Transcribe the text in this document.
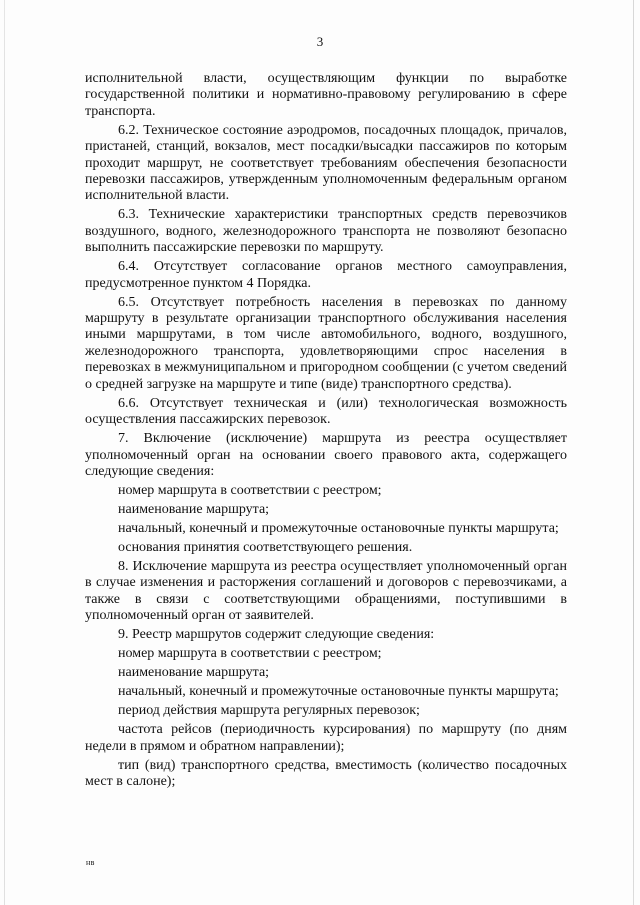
3

исполнительной власти, осуществляющим функции по выработке государственной политики и нормативно-правовому регулированию в сфере транспорта.

6.2. Техническое состояние аэродромов, посадочных площадок, причалов, пристаней, станций, вокзалов, мест посадки/высадки пассажиров по которым проходит маршрут, не соответствует требованиям обеспечения безопасности перевозки пассажиров, утвержденным уполномоченным федеральным органом исполнительной власти.

6.3. Технические характеристики транспортных средств перевозчиков воздушного, водного, железнодорожного транспорта не позволяют безопасно выполнить пассажирские перевозки по маршруту.

6.4. Отсутствует согласование органов местного самоуправления, предусмотренное пунктом 4 Порядка.

6.5. Отсутствует потребность населения в перевозках по данному маршруту в результате организации транспортного обслуживания населения иными маршрутами, в том числе автомобильного, водного, воздушного, железнодорожного транспорта, удовлетворяющими спрос населения в перевозках в межмуниципальном и пригородном сообщении (с учетом сведений о средней загрузке на маршруте и типе (виде) транспортного средства).

6.6. Отсутствует техническая и (или) технологическая возможность осуществления пассажирских перевозок.

7. Включение (исключение) маршрута из реестра осуществляет уполномоченный орган на основании своего правового акта, содержащего следующие сведения:

номер маршрута в соответствии с реестром;

наименование маршрута;

начальный, конечный и промежуточные остановочные пункты маршрута;

основания принятия соответствующего решения.

8. Исключение маршрута из реестра осуществляет уполномоченный орган в случае изменения и расторжения соглашений и договоров с перевозчиками, а также в связи с соответствующими обращениями, поступившими в уполномоченный орган от заявителей.

9. Реестр маршрутов содержит следующие сведения:

номер маршрута в соответствии с реестром;

наименование маршрута;

начальный, конечный и промежуточные остановочные пункты маршрута;

период действия маршрута регулярных перевозок;

частота рейсов (периодичность курсирования) по маршруту (по дням недели в прямом и обратном направлении);

тип (вид) транспортного средства, вместимость (количество посадочных мест в салоне);

нв
